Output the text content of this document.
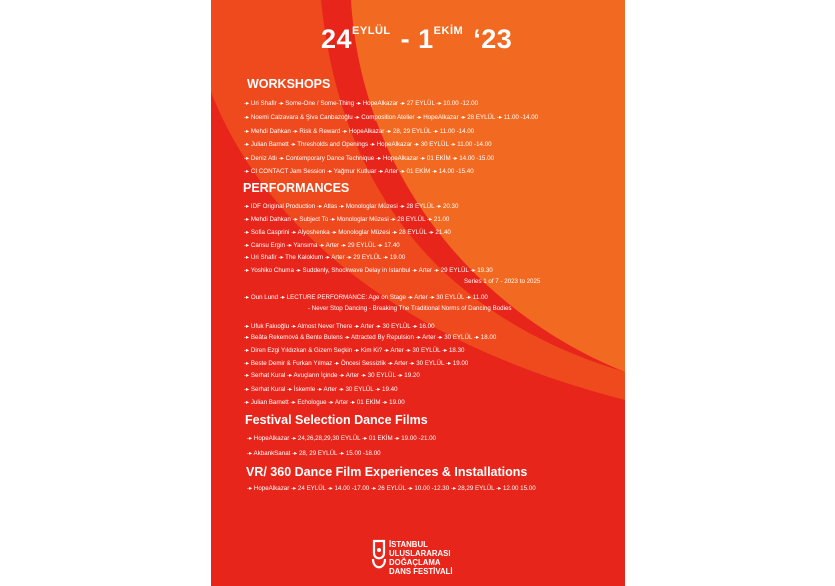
$24^{EYLÜL} - 1^{EKİM}$ ‘23
WORKSHOPS
-▸ Uri Shafir -▸ Some-One / Some-Thing -▸ HopeAlkazar -▸ 27 EYLÜL -▸ 10.00 -12.00
-▸ Noemi Calzavara & Şiva Canbazoğlu -▸ Composition Atelier -▸ HopeAlkazar -▸ 28 EYLÜL -▸ 11.00 -14.00
-▸ Mehdi Dahkan -▸ Risk & Reward -▸ HopeAlkazar -▸ 28, 29 EYLÜL -▸ 11.00 -14.00
-▸ Julian Barnett -▸ Thresholds and Openings -▸ HopeAlkazar -▸ 30 EYLÜL -▸ 11.00 -14.00
-▸ Deniz Atlı -▸ Contemporary Dance Technique -▸ HopeAlkazar -▸ 01 EKİM -▸ 14.00 -15.00
-▸ CI CONTACT Jam Session -▸ Yağmur Kutluar -▸ Arter -▸ 01 EKİM -▸ 14.00 -15.40
PERFORMANCES
-▸ IDF Original Production -▸ Atlas -▸ Monologlar Müzesi -▸ 28 EYLÜL -▸ 20.30
-▸ Mehdi Dahkan -▸ Subject To -▸ Monologlar Müzesi -▸ 28 EYLÜL -▸ 21.00
-▸ Sofia Casprini -▸ Alyoshenka -▸ Monologlar Müzesi -▸ 28 EYLÜL -▸ 21.40
-▸ Cansu Ergin -▸ Yansıma -▸ Arter -▸ 29 EYLÜL -▸ 17.40
-▸ Uri Shafir -▸ The Kaloklum -▸ Arter -▸ 29 EYLÜL -▸ 19.00
-▸ Yoshiko Chuma -▸ Suddenly, Shockwave Delay in Istanbul -▸ Arter -▸ 29 EYLÜL -▸ 19.30
Series 1 of 7 - 2023 to 2025
-▸ Oun Lund -▸ LECTURE PERFORMANCE: Age on Stage -▸ Arter -▸ 30 EYLÜL -▸ 11.00
- Never Stop Dancing - Breaking The Traditional Norms of Dancing Bodies
-▸ Ufuk Fakıoğlu -▸ Almost Never There -▸ Arter -▸ 30 EYLÜL -▸ 16.00
-▸ Beâta Rekemová & Bente Bulens -▸ Attracted By Repulsion -▸ Arter -▸ 30 EYLÜL -▸ 18.00
-▸ Diren Ezgi Yıldızkan & Gizem Seçkin -▸ Kim Ki? -▸ Arter -▸ 30 EYLÜL -▸ 18.30
-▸ Beste Demir & Furkan Yılmaz -▸ Öncesi Sessizlik -▸ Arter -▸ 30 EYLÜL -▸ 19.00
-▸ Serhat Kural -▸ Avuçların İçinde -▸ Arter -▸ 30 EYLÜL -▸ 19.20
-▸ Serhat Kural -▸ İskemle -▸ Arter -▸ 30 EYLÜL -▸ 19.40
-▸ Julian Barnett -▸ Echologue -▸ Arter -▸ 01 EKİM -▸ 19.00
Festival Selection Dance Films
-▸ HopeAlkazar -▸ 24,26,28,29,30 EYLÜL -▸ 01 EKİM -▸ 19.00 -21.00
-▸ AkbankSanat -▸ 28, 29 EYLÜL -▸ 15.00 -18.00
VR/ 360 Dance Film Experiences & Installations
-▸ HopeAlkazar -▸ 24 EYLÜL -▸ 14.00 -17.00 -▸ 26 EYLÜL -▸ 10.00 -12.30 -▸ 28,29 EYLÜL -▸ 12.00 15.00
İSTANBUL
ULUSLARARASI
DOĞAÇLAMA
DANS FESTİVALİ
